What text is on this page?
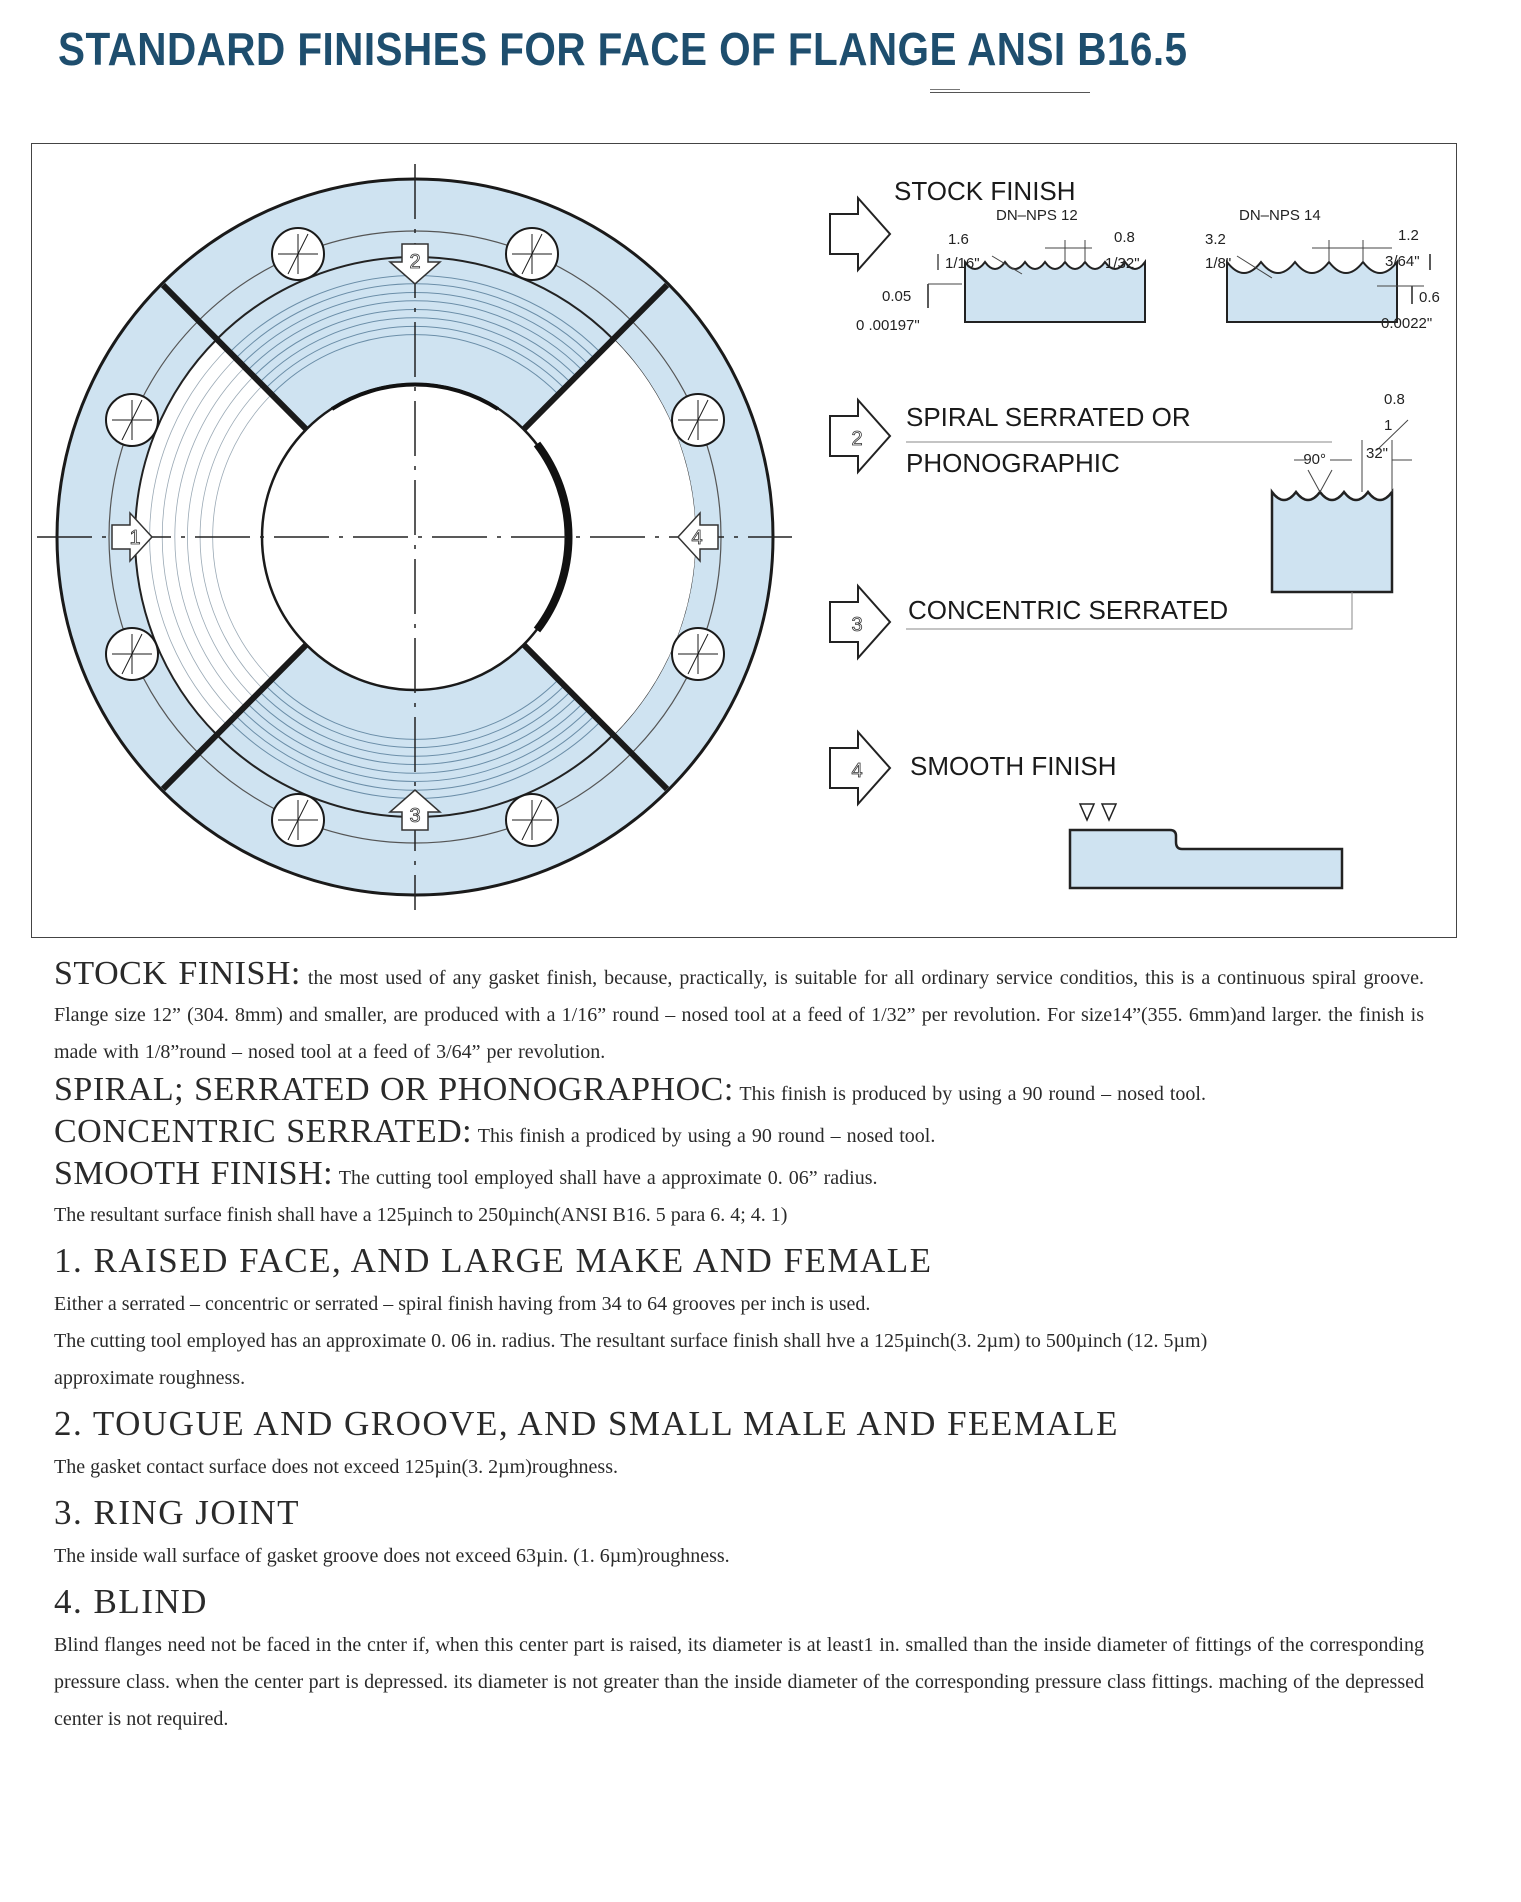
STANDARD FINISHES FOR FACE OF FLANGE ANSI B16.5
2
3
1	4
STOCK FINISH
DN–NPS 12	DN–NPS 14
1.6
1/16"
0.8
1/32"
0.05
0 .00197"
3.2
1/8"
1.2
3/64"
0.6
0.0022"
2
SPIRAL SERRATED OR
PHONOGRAPHIC
0.8
1
32"
90°
3 CONCENTRIC SERRATED
4 SMOOTH FINISH

STOCK FINISH: the most used of any gasket finish, because, practically, is suitable for all ordinary service conditios, this is a continuous spiral groove. Flange size 12” (304. 8mm) and smaller, are produced with a 1/16” round – nosed tool at a feed of 1/32” per revolution. For size14”(355. 6mm)and larger. the finish is made with 1/8”round – nosed tool at a feed of 3/64” per revolution.

SPIRAL; SERRATED OR PHONOGRAPHOC: This finish is produced by using a 90 round – nosed tool.

CONCENTRIC SERRATED: This finish a prodiced by using a 90 round – nosed tool.

SMOOTH FINISH: The cutting tool employed shall have a approximate 0. 06” radius.

The resultant surface finish shall have a 125µinch to 250µinch(ANSI B16. 5 para 6. 4; 4. 1)

1. RAISED FACE, AND LARGE MAKE AND FEMALE

Either a serrated – concentric or serrated – spiral finish having from 34 to 64 grooves per inch is used.

The cutting tool employed has an approximate 0. 06 in. radius. The resultant surface finish shall hve a 125µinch(3. 2µm) to 500µinch (12. 5µm)

approximate roughness.

2. TOUGUE AND GROOVE, AND SMALL MALE AND FEEMALE

The gasket contact surface does not exceed 125µin(3. 2µm)roughness.

3. RING JOINT

The inside wall surface of gasket groove does not exceed 63µin. (1. 6µm)roughness.

4. BLIND

Blind flanges need not be faced in the cnter if, when this center part is raised, its diameter is at least1 in. smalled than the inside diameter of fittings of the corresponding pressure class. when the center part is depressed. its diameter is not greater than the inside diameter of the corresponding pressure class fittings. maching of the depressed center is not required.
